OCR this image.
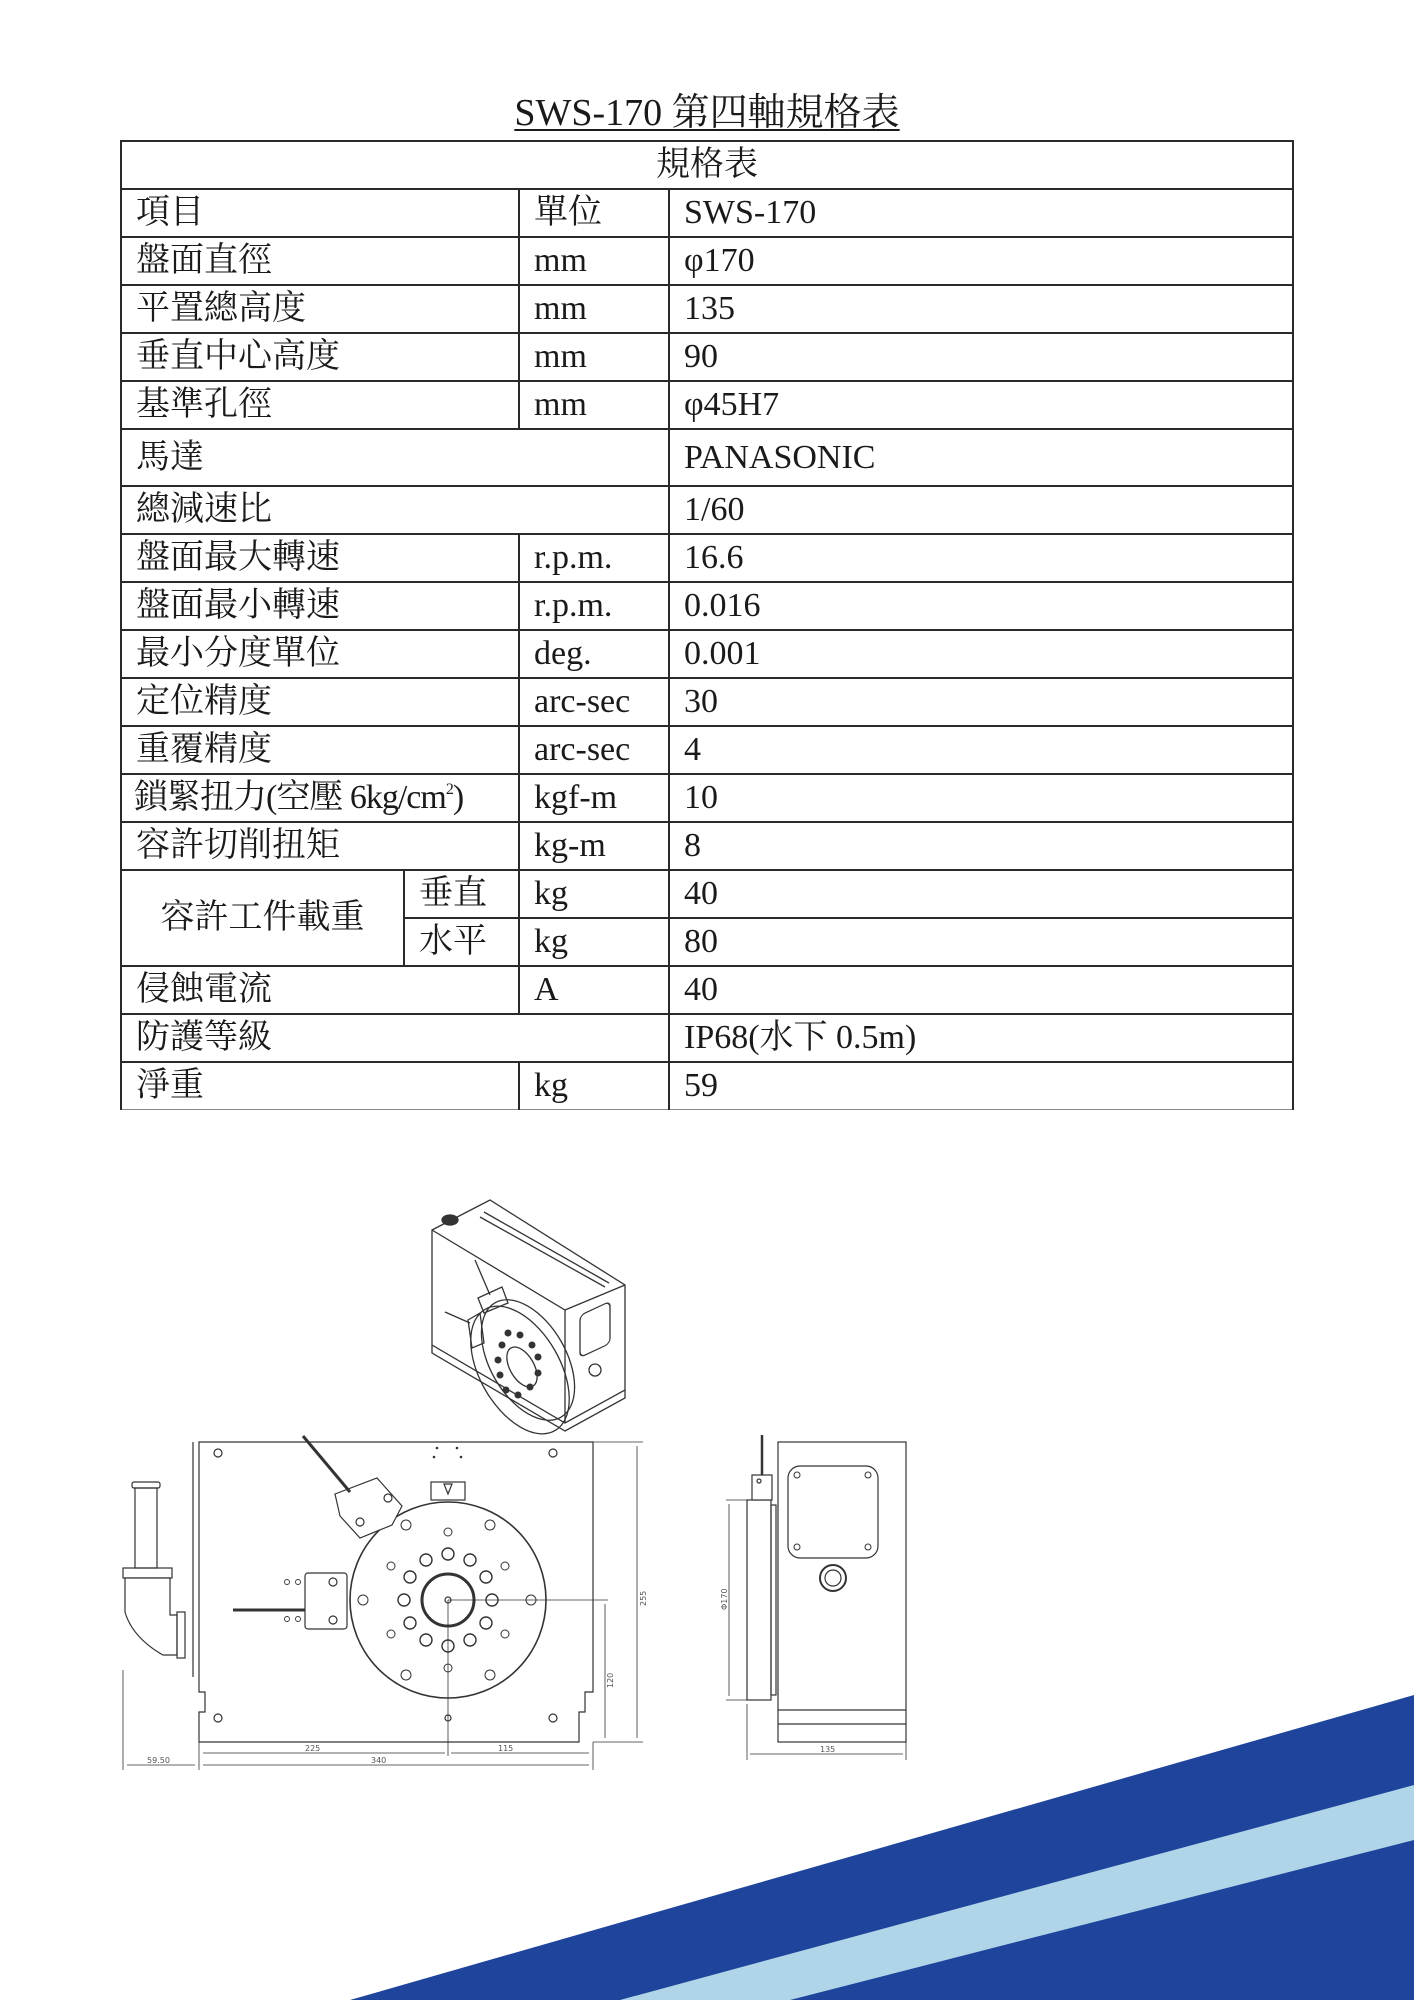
SWS-170 第四軸規格表
規格表			
項目		單位	SWS-170
盤面直徑		mm	φ170
平置總高度		mm	135
垂直中心高度		mm	90
基準孔徑		mm	φ45H7
馬達			PANASONIC
總減速比			1/60
盤面最大轉速		r.p.m.	16.6
盤面最小轉速		r.p.m.	0.016
最小分度單位		deg.	0.001
定位精度		arc-sec	30
重覆精度		arc-sec	4
鎖緊扭力(空壓 $6kg/cm^2$)		kgf-m	10
容許切削扭矩		kg-m	8
容許工件載重	垂直	kg	40
	水平	kg	80
侵蝕電流		A	40
防護等級			IP68(水下 0.5m)
淨重		kg	59
225	115
340
59.50
255
120
135
Φ170
